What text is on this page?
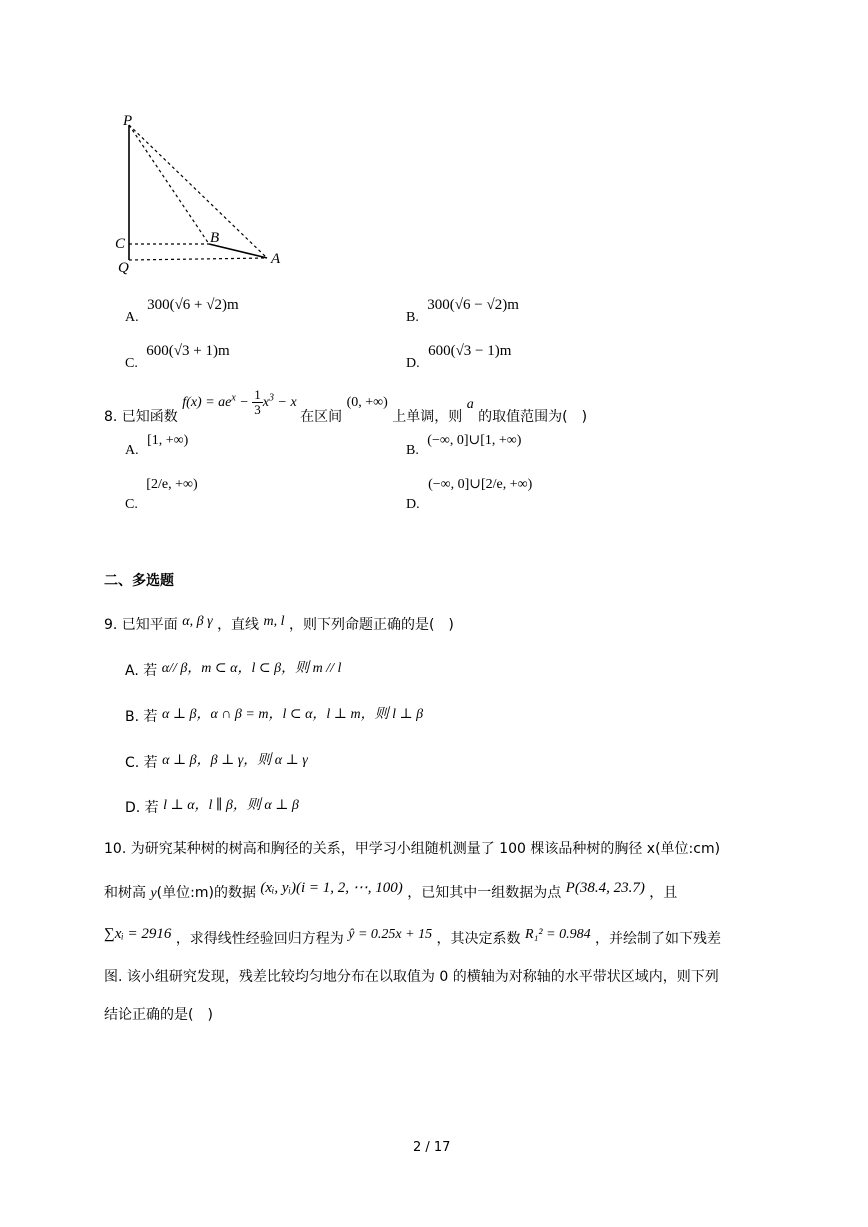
P
B
C
A
Q
A. 300(√6 + √2)m
B. 300(√6 − √2)m
C. 600(√3 + 1)m
D. 600(√3 − 1)m
8. 已知函数 $f(x) = ae^x - \frac{1}{3} x^3 - x$ 在区间 (0, +∞) 上单调，则 a 的取值范围为(　)
A. [1, +∞)
B. (−∞, 0]∪[1, +∞)
C. [2/e, +∞)
D. (−∞, 0]∪[2/e, +∞)
二、多选题
9. 已知平面 α, β γ ，直线 m, l ，则下列命题正确的是(　)
A. 若 α// β，m ⊂ α，l ⊂ β，则 m // l
B. 若 α ⊥ β，α ∩ β = m，l ⊂ α，l ⊥ m，则 l ⊥ β
C. 若 α ⊥ β，β ⊥ γ，则 α ⊥ γ
D. 若 l ⊥ α，l ∥ β，则 α ⊥ β
10. 为研究某种树的树高和胸径的关系，甲学习小组随机测量了 100 棵该品种树的胸径 x(单位:cm)
和树高 y(单位:m)的数据 (xᵢ, yᵢ)(i = 1, 2, ⋯, 100) ，已知其中一组数据为点 P(38.4, 23.7) ，且
∑xᵢ = 2916 ，求得线性经验回归方程为 ŷ = 0.25x + 15 ，其决定系数 R₁² = 0.984 ，并绘制了如下残差
图. 该小组研究发现，残差比较均匀地分布在以取值为 0 的横轴为对称轴的水平带状区域内，则下列
结论正确的是(　)
2 / 17
